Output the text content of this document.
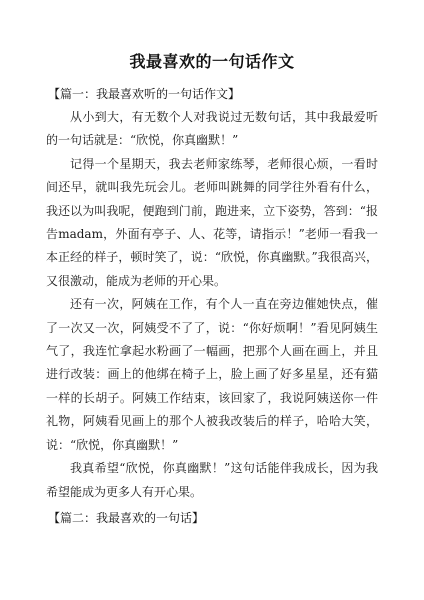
我最喜欢的一句话作文
【篇一：我最喜欢听的一句话作文】

从小到大，有无数个人对我说过无数句话，其中我最爱听的一句话就是：“欣悦，你真幽默！”

记得一个星期天，我去老师家练琴，老师很心烦，一看时间还早，就叫我先玩会儿。老师叫跳舞的同学往外看有什么，我还以为叫我呢，便跑到门前，跑进来，立下姿势，答到：“报告madam，外面有亭子、人、花等，请指示！”老师一看我一本正经的样子，顿时笑了，说：“欣悦，你真幽默。”我很高兴，又很激动，能成为老师的开心果。

还有一次，阿姨在工作，有个人一直在旁边催她快点，催了一次又一次，阿姨受不了了，说：“你好烦啊！”看见阿姨生气了，我连忙拿起水粉画了一幅画，把那个人画在画上，并且进行改装：画上的他绑在椅子上，脸上画了好多星星，还有猫一样的长胡子。阿姨工作结束，该回家了，我说阿姨送你一件礼物，阿姨看见画上的那个人被我改装后的样子，哈哈大笑，说：“欣悦，你真幽默！”

我真希望“欣悦，你真幽默！”这句话能伴我成长，因为我希望能成为更多人有开心果。

【篇二：我最喜欢的一句话】
